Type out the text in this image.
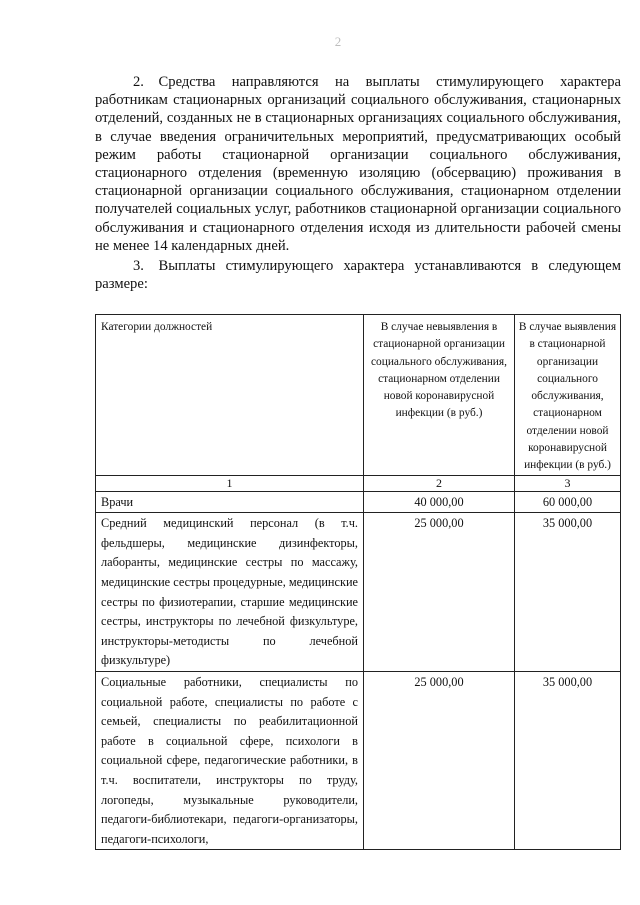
2

2. Средства направляются на выплаты стимулирующего характера работникам стационарных организаций социального обслуживания, стационарных отделений, созданных не в стационарных организациях социального обслуживания, в случае введения ограничительных мероприятий, предусматривающих особый режим работы стационарной организации социального обслуживания, стационарного отделения (временную изоляцию (обсервацию) проживания в стационарной организации социального обслуживания, стационарном отделении получателей социальных услуг, работников стационарной организации социального обслуживания и стационарного отделения исходя из длительности рабочей смены не менее 14 календарных дней.

3. Выплаты стимулирующего характера устанавливаются в следующем размере:

Категории должностей	В случае невыявления в стационарной организации социального обслуживания, стационарном отделении новой коронавирусной инфекции (в руб.)	В случае выявления в стационарной организации социального обслуживания, стационарном отделении новой коронавирусной инфекции (в руб.)
1	2	3
Врачи	40 000,00	60 000,00
Средний медицинский персонал (в т.ч. фельдшеры, медицинские дизинфекторы, лаборанты, медицинские сестры по массажу, медицинские сестры процедурные, медицинские сестры по физиотерапии, старшие медицинские сестры, инструкторы по лечебной физкультуре, инструкторы-методисты по лечебной физкультуре)	25 000,00	35 000,00
Социальные работники, специалисты по социальной работе, специалисты по работе с семьей, специалисты по реабилитационной работе в социальной сфере, психологи в социальной сфере, педагогические работники, в т.ч. воспитатели, инструкторы по труду, логопеды, музыкальные руководители, педагоги-библиотекари, педагоги-организаторы, педагоги-психологи,	25 000,00	35 000,00
